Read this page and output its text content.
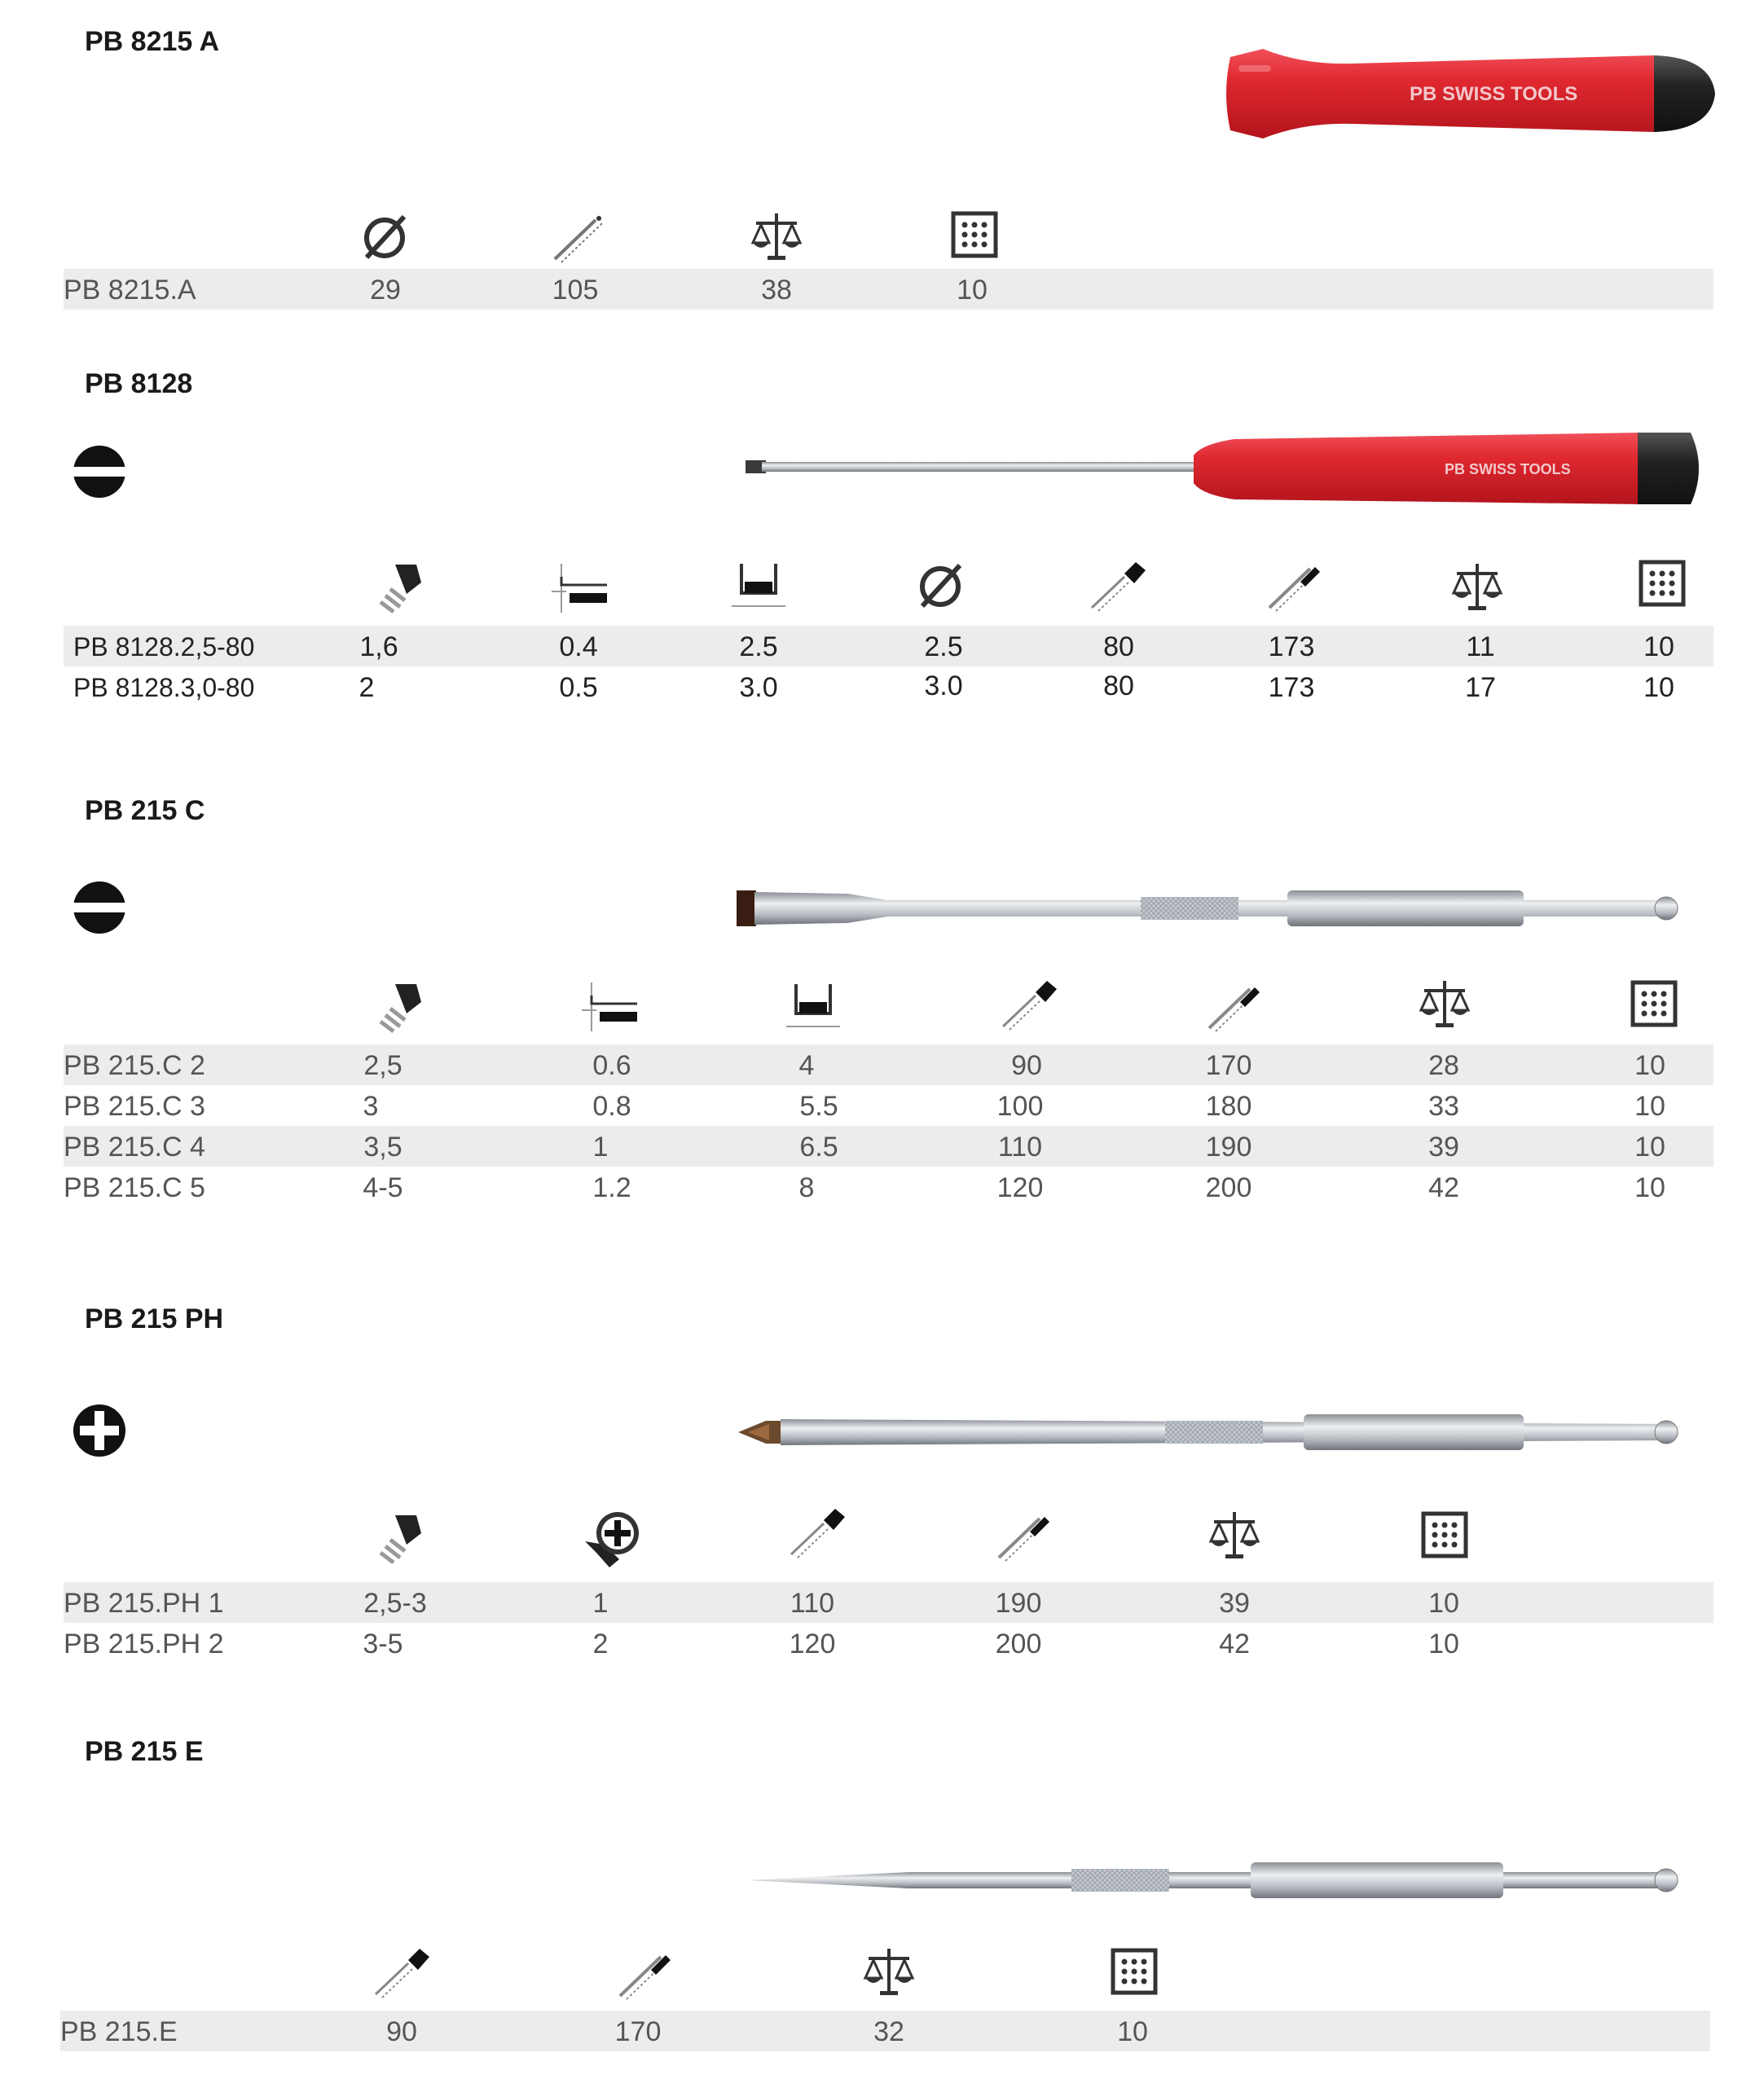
PB 8215 A
PB SWISS TOOLS
PB 8215.A	29	105	38	10
PB 8128
PB SWISS TOOLS
PB 8128.2,5-80	1,6	0.4	2.5	2.5	80	173	11	10
PB 8128.3,0-80	2	0.5	3.0	3.0	80	173	17	10
PB 215 C
PB 215.C 2	2,5	0.6	4	90	170	28	10
PB 215.C 3	3	0.8	5.5	100	180	33	10
PB 215.C 4	3,5	1	6.5	110	190	39	10
PB 215.C 5	4-5	1.2	8	120	200	42	10
PB 215 PH
PB 215.PH 1	2,5-3	1	110	190	39	10
PB 215.PH 2	3-5	2	120	200	42	10
PB 215 E
PB 215.E	90	170	32	10
